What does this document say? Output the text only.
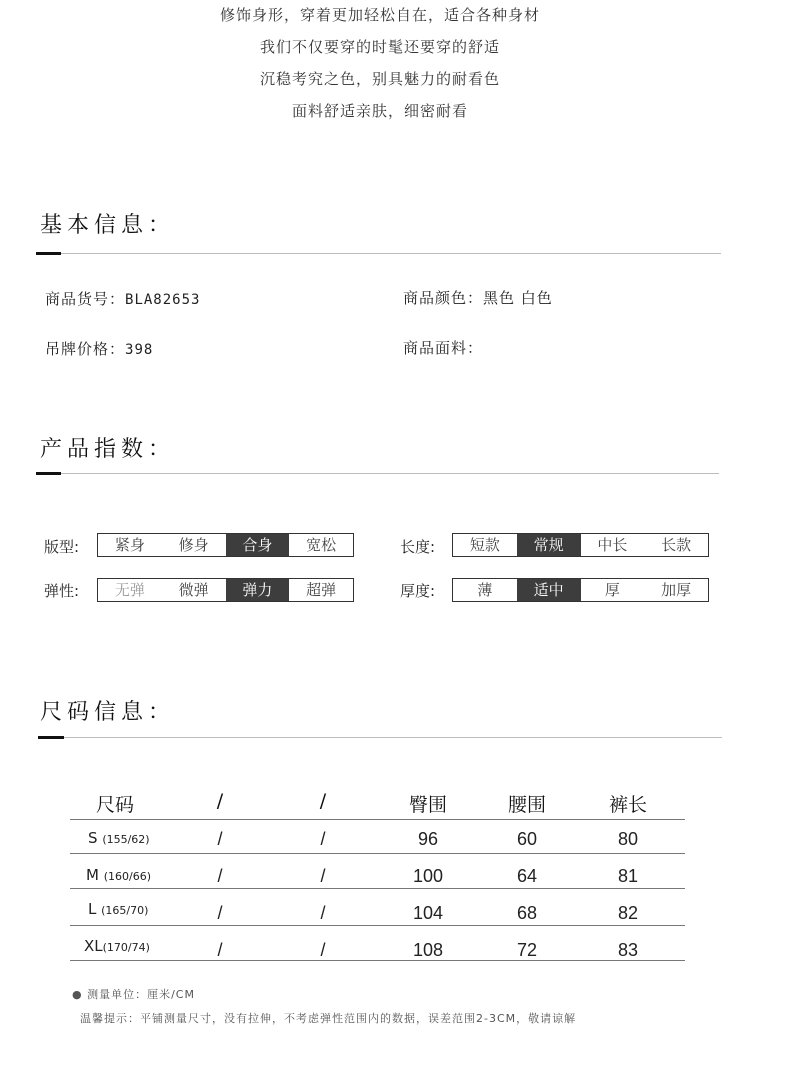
修饰身形，穿着更加轻松自在，适合各种身材
我们不仅要穿的时髦还要穿的舒适
沉稳考究之色，别具魅力的耐看色
面料舒适亲肤，细密耐看
基本信息：
商品货号：BLA82653	商品颜色：黑色 白色
吊牌价格：398	商品面料：
产品指数：
版型:	紧身	修身	合身	宽松	长度:	短款	常规	中长	长款
弹性:	无弹	微弹	弹力	超弹	厚度:	薄	适中	厚	加厚
尺码信息：
尺码	/	/	臀围	腰围	裤长
S (155/62)	/	/	96	60	80
M (160/66)	/	/	100	64	81
L (165/70)	/	/	104	68	82
XL(170/74)	/	/	108	72	83
● 测量单位：厘米/CM
温馨提示：平铺测量尺寸，没有拉伸，不考虑弹性范围内的数据，误差范围2-3CM，敬请谅解
